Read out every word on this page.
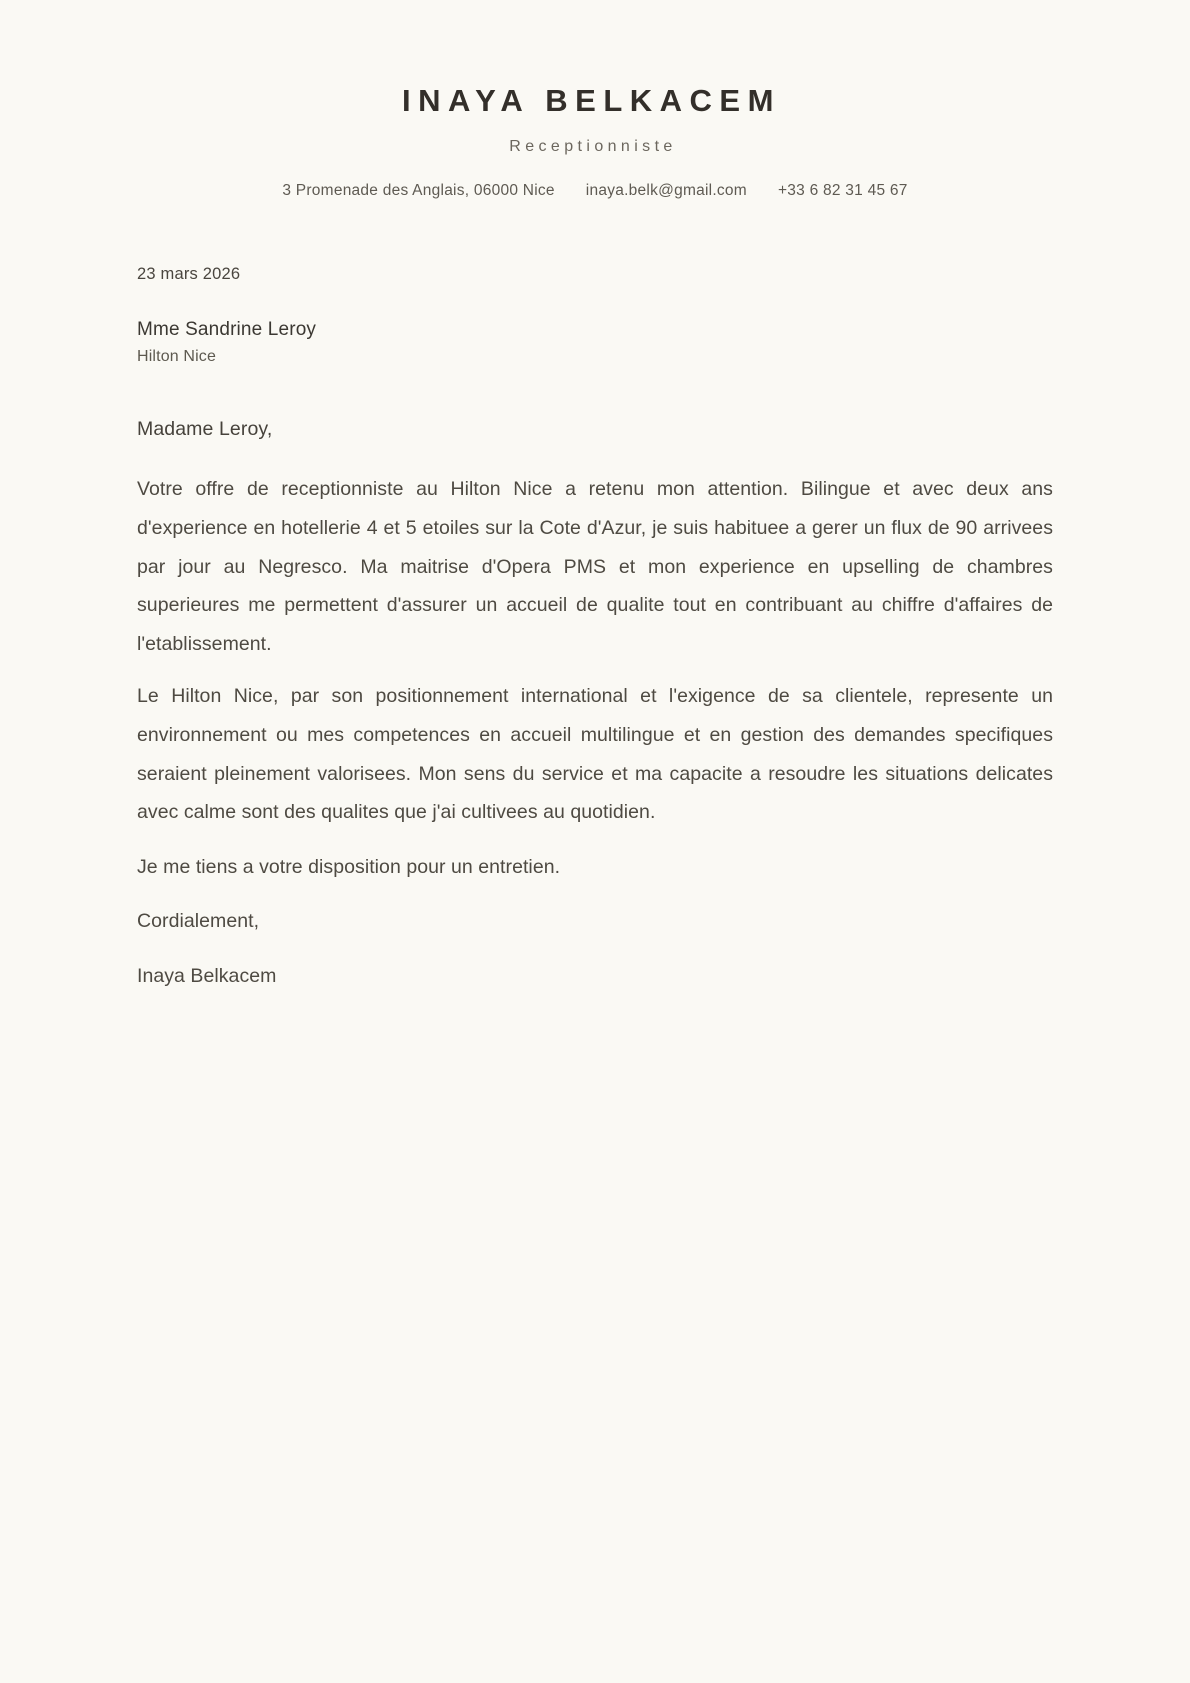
INAYA BELKACEM
Receptionniste
3 Promenade des Anglais, 06000 Nice inaya.belk@gmail.com +33 6 82 31 45 67
23 mars 2026
Mme Sandrine Leroy
Hilton Nice
Madame Leroy,

Votre offre de receptionniste au Hilton Nice a retenu mon attention. Bilingue et avec deux ans d'experience en hotellerie 4 et 5 etoiles sur la Cote d'Azur, je suis habituee a gerer un flux de 90 arrivees par jour au Negresco. Ma maitrise d'Opera PMS et mon experience en upselling de chambres superieures me permettent d'assurer un accueil de qualite tout en contribuant au chiffre d'affaires de l'etablissement.

Le Hilton Nice, par son positionnement international et l'exigence de sa clientele, represente un environnement ou mes competences en accueil multilingue et en gestion des demandes specifiques seraient pleinement valorisees. Mon sens du service et ma capacite a resoudre les situations delicates avec calme sont des qualites que j'ai cultivees au quotidien.

Je me tiens a votre disposition pour un entretien.

Cordialement,
Inaya Belkacem
